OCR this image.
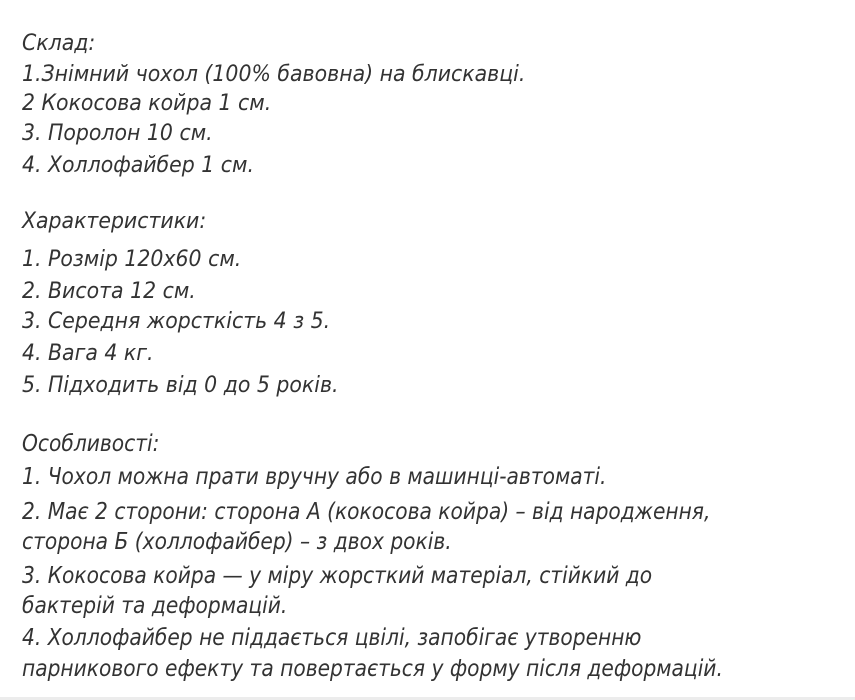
Склад:
1.Знімний чохол (100% бавовна) на блискавці.
2 Кокосова койра 1 см.
3. Поролон 10 см.
4. Холлофайбер 1 см.
Характеристики:
1. Розмір 120х60 см.
2. Висота 12 см.
3. Середня жорсткість 4 з 5.
4. Вага 4 кг.
5. Підходить від 0 до 5 років.
Особливості:
1. Чохол можна прати вручну або в машинці-автоматі.
2. Має 2 сторони: сторона А (кокосова койра) – від народження,
сторона Б (холлофайбер) – з двох років.
3. Кокосова койра — у міру жорсткий матеріал, стійкий до
бактерій та деформацій.
4. Холлофайбер не піддається цвілі, запобігає утворенню
парникового ефекту та повертається у форму після деформацій.
